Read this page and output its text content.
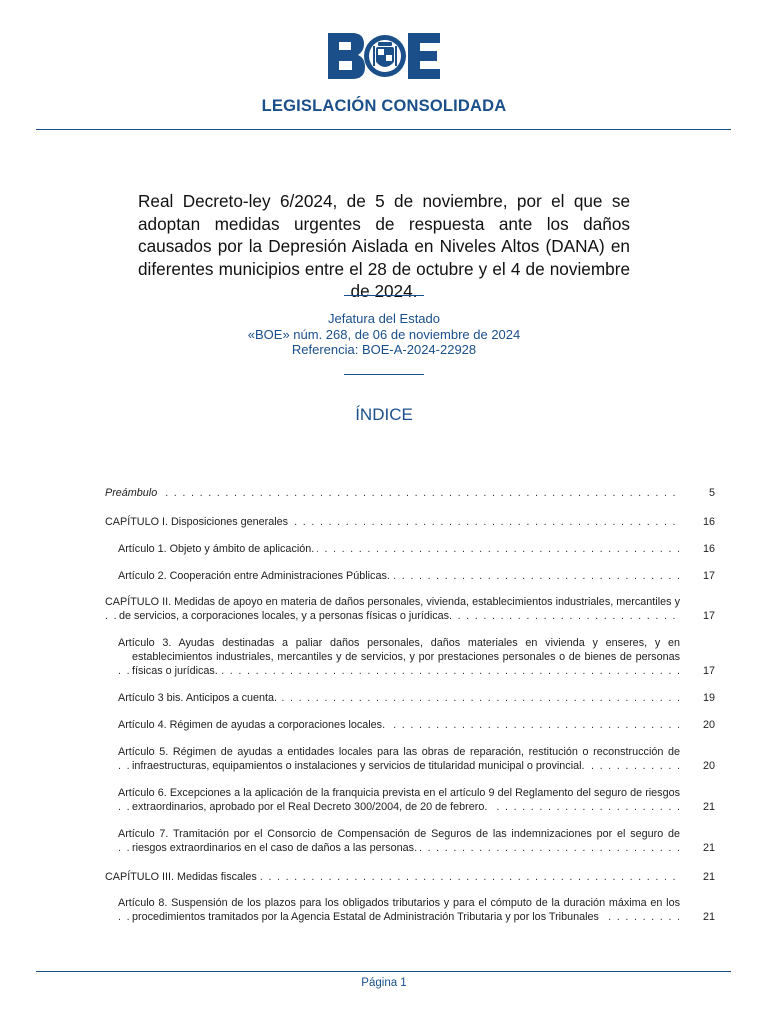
LEGISLACIÓN CONSOLIDADA
Real Decreto-ley 6/2024, de 5 de noviembre, por el que se adoptan medidas urgentes de respuesta ante los daños causados por la Depresión Aislada en Niveles Altos (DANA) en diferentes municipios entre el 28 de octubre y el 4 de noviembre de 2024.
Jefatura del Estado
«BOE» núm. 268, de 06 de noviembre de 2024
Referencia: BOE-A-2024-22928
ÍNDICE
Preámbulo . . .	5
CAPÍTULO I. Disposiciones generales . . .	16
Artículo 1. Objeto y ámbito de aplicación. . . .	16
Artículo 2. Cooperación entre Administraciones Públicas. . . .	17
CAPÍTULO II. Medidas de apoyo en materia de daños personales, vivienda, establecimientos industriales, mercantiles y de servicios, a corporaciones locales, y a personas físicas o jurídicas. . . .	17
Artículo 3. Ayudas destinadas a paliar daños personales, daños materiales en vivienda y enseres, y en establecimientos industriales, mercantiles y de servicios, y por prestaciones personales o de bienes de personas físicas o jurídicas. . . .	17
Artículo 3 bis. Anticipos a cuenta. . . .	19
Artículo 4. Régimen de ayudas a corporaciones locales. . . .	20
Artículo 5. Régimen de ayudas a entidades locales para las obras de reparación, restitución o reconstrucción de infraestructuras, equipamientos o instalaciones y servicios de titularidad municipal o provincial. . . .	20
Artículo 6. Excepciones a la aplicación de la franquicia prevista en el artículo 9 del Reglamento del seguro de riesgos extraordinarios, aprobado por el Real Decreto 300/2004, de 20 de febrero. . . .	21
Artículo 7. Tramitación por el Consorcio de Compensación de Seguros de las indemnizaciones por el seguro de riesgos extraordinarios en el caso de daños a las personas. . . .	21
CAPÍTULO III. Medidas fiscales . . .	21
Artículo 8. Suspensión de los plazos para los obligados tributarios y para el cómputo de la duración máxima en los procedimientos tramitados por la Agencia Estatal de Administración Tributaria y por los Tribunales . . .	21
Página 1
